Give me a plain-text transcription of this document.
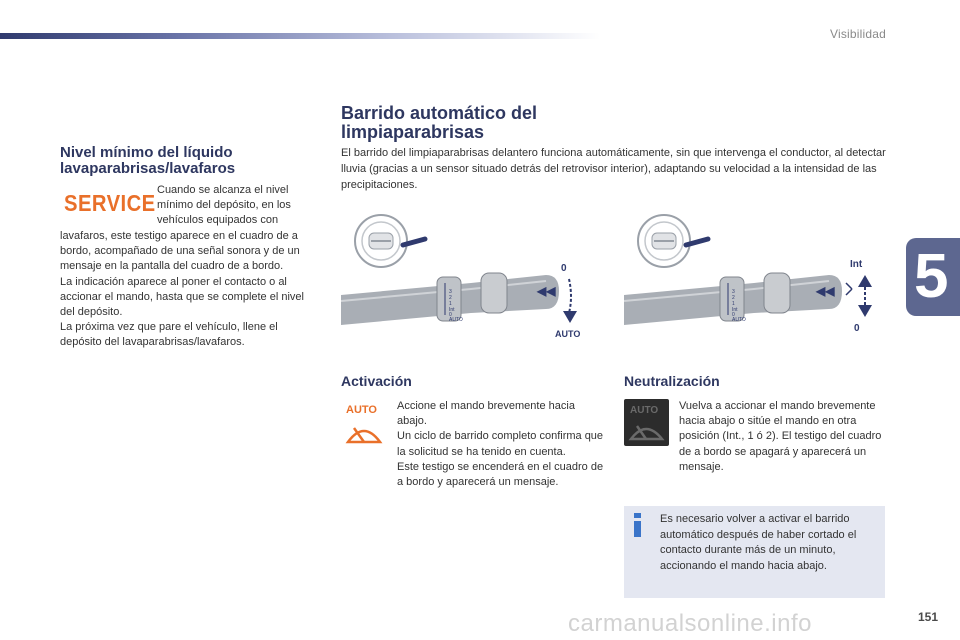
Visibilidad
5
Nivel mínimo del líquido
lavaparabrisas/lavafaros
SERVICE Cuando se alcanza el nivel mínimo del depósito, en los vehículos equipados con

lavafaros, este testigo aparece en el cuadro de a bordo, acompañado de una señal sonora y de un mensaje en la pantalla del cuadro de a bordo.
La indicación aparece al poner el contacto o al accionar el mando, hasta que se complete el nivel del depósito.
La próxima vez que pare el vehículo, llene el depósito del lavaparabrisas/lavafaros.
Barrido automático del
limpiaparabrisas

El barrido del limpiaparabrisas delantero funciona automáticamente, sin que intervenga el conductor, al detectar lluvia (gracias a un sensor situado detrás del retrovisor interior), adaptando su velocidad a la intensidad de las precipitaciones.

3
2
1
Int
0
AUTO
◀◀
0
AUTO
3
2
1
Int
0
AUTO
◀◀
Int
0
Activación
AUTO Accione el mando brevemente hacia abajo.
Un ciclo de barrido completo confirma que la solicitud se ha tenido en cuenta.
Este testigo se encenderá en el cuadro de a bordo y aparecerá un mensaje.
Neutralización
AUTO Vuelva a accionar el mando brevemente hacia abajo o sitúe el mando en otra posición (Int., 1 ó 2). El testigo del cuadro de a bordo se apagará y aparecerá un mensaje.

Es necesario volver a activar el barrido automático después de haber cortado el contacto durante más de un minuto, accionando el mando hacia abajo.

carmanualsonline.info	151
